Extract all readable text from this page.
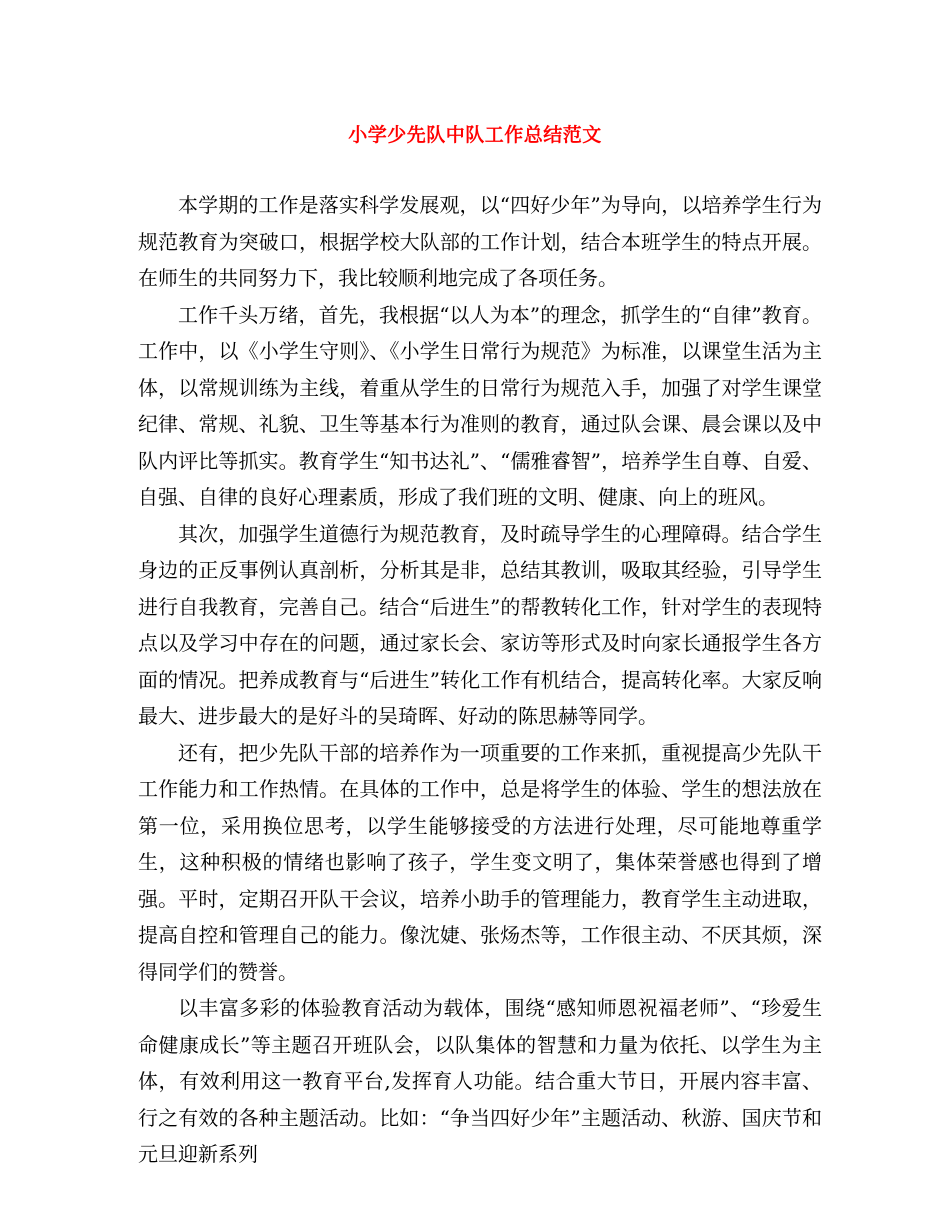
小学少先队中队工作总结范文

本学期的工作是落实科学发展观，以“四好少年”为导向，以培养学生行为规范教育为突破口，根据学校大队部的工作计划，结合本班学生的特点开展。在师生的共同努力下，我比较顺利地完成了各项任务。

工作千头万绪，首先，我根据“以人为本”的理念，抓学生的“自律”教育。工作中，以《小学生守则》、《小学生日常行为规范》为标准，以课堂生活为主体，以常规训练为主线，着重从学生的日常行为规范入手，加强了对学生课堂纪律、常规、礼貌、卫生等基本行为准则的教育，通过队会课、晨会课以及中队内评比等抓实。教育学生“知书达礼”、“儒雅睿智”，培养学生自尊、自爱、自强、自律的良好心理素质，形成了我们班的文明、健康、向上的班风。

其次，加强学生道德行为规范教育，及时疏导学生的心理障碍。结合学生身边的正反事例认真剖析，分析其是非，总结其教训，吸取其经验，引导学生进行自我教育，完善自己。结合“后进生”的帮教转化工作，针对学生的表现特点以及学习中存在的问题，通过家长会、家访等形式及时向家长通报学生各方面的情况。把养成教育与“后进生”转化工作有机结合，提高转化率。大家反响最大、进步最大的是好斗的吴琦晖、好动的陈思赫等同学。

还有，把少先队干部的培养作为一项重要的工作来抓，重视提高少先队干工作能力和工作热情。在具体的工作中，总是将学生的体验、学生的想法放在第一位，采用换位思考，以学生能够接受的方法进行处理，尽可能地尊重学生，这种积极的情绪也影响了孩子，学生变文明了，集体荣誉感也得到了增强。平时，定期召开队干会议，培养小助手的管理能力，教育学生主动进取，提高自控和管理自己的能力。像沈婕、张炀杰等，工作很主动、不厌其烦，深得同学们的赞誉。

以丰富多彩的体验教育活动为载体，围绕“感知师恩祝福老师”、“珍爱生命健康成长”等主题召开班队会，以队集体的智慧和力量为依托、以学生为主体，有效利用这一教育平台,发挥育人功能。结合重大节日，开展内容丰富、行之有效的各种主题活动。比如：“争当四好少年”主题活动、秋游、国庆节和元旦迎新系列
